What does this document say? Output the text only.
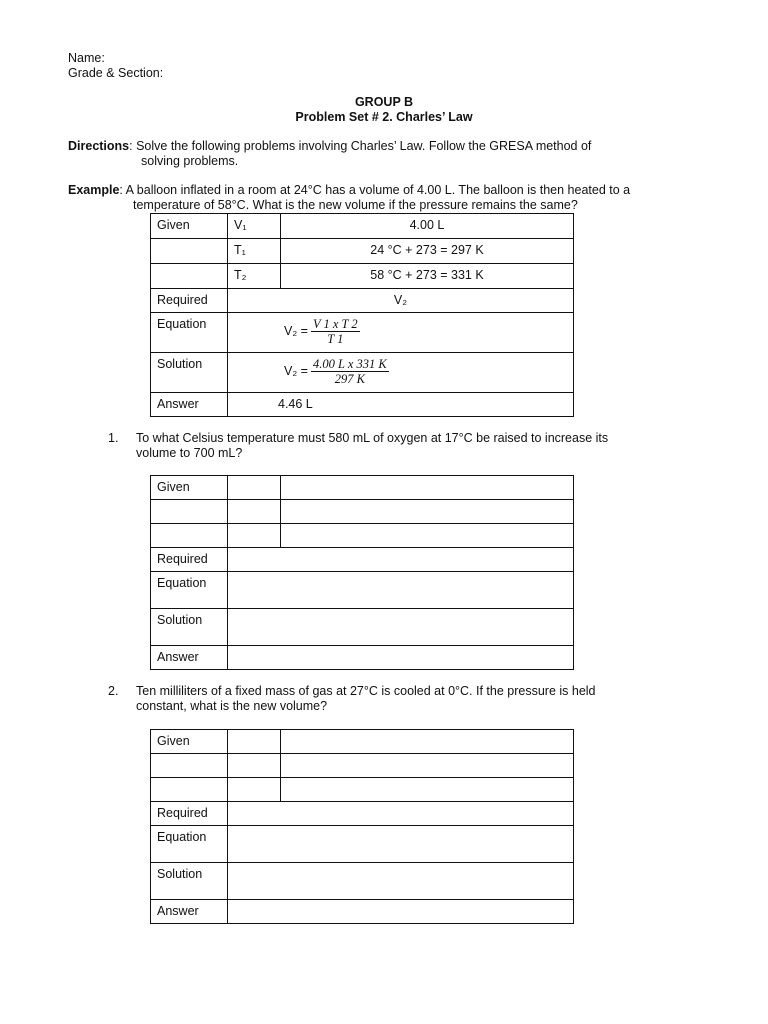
Name:
Grade & Section:
GROUP B
Problem Set # 2. Charles’ Law
Directions: Solve the following problems involving Charles’ Law. Follow the GRESA method of
solving problems.
Example: A balloon inflated in a room at 24°C has a volume of 4.00 L. The balloon is then heated to a
temperature of 58°C. What is the new volume if the pressure remains the same?
Given	V₁	4.00 L
	T₁	24 °C + 273 = 297 K
	T₂	58 °C + 273 = 331 K
Required	V₂	
Equation	$V_2 = \frac{\text{V 1 x T 2}}{T 1}$

Solution	$V_2 = \frac{\text{4.00 L x 331 K}}{297 K}$

Answer	4.46 L	
1. To what Celsius temperature must 580 mL of oxygen at 17°C be raised to increase its
volume to 700 mL?
Given		

Required		
Equation		
Solution		
Answer		
2. Ten milliliters of a fixed mass of gas at 27°C is cooled at 0°C. If the pressure is held
constant, what is the new volume?
Given		

Required		
Equation		
Solution		
Answer		
